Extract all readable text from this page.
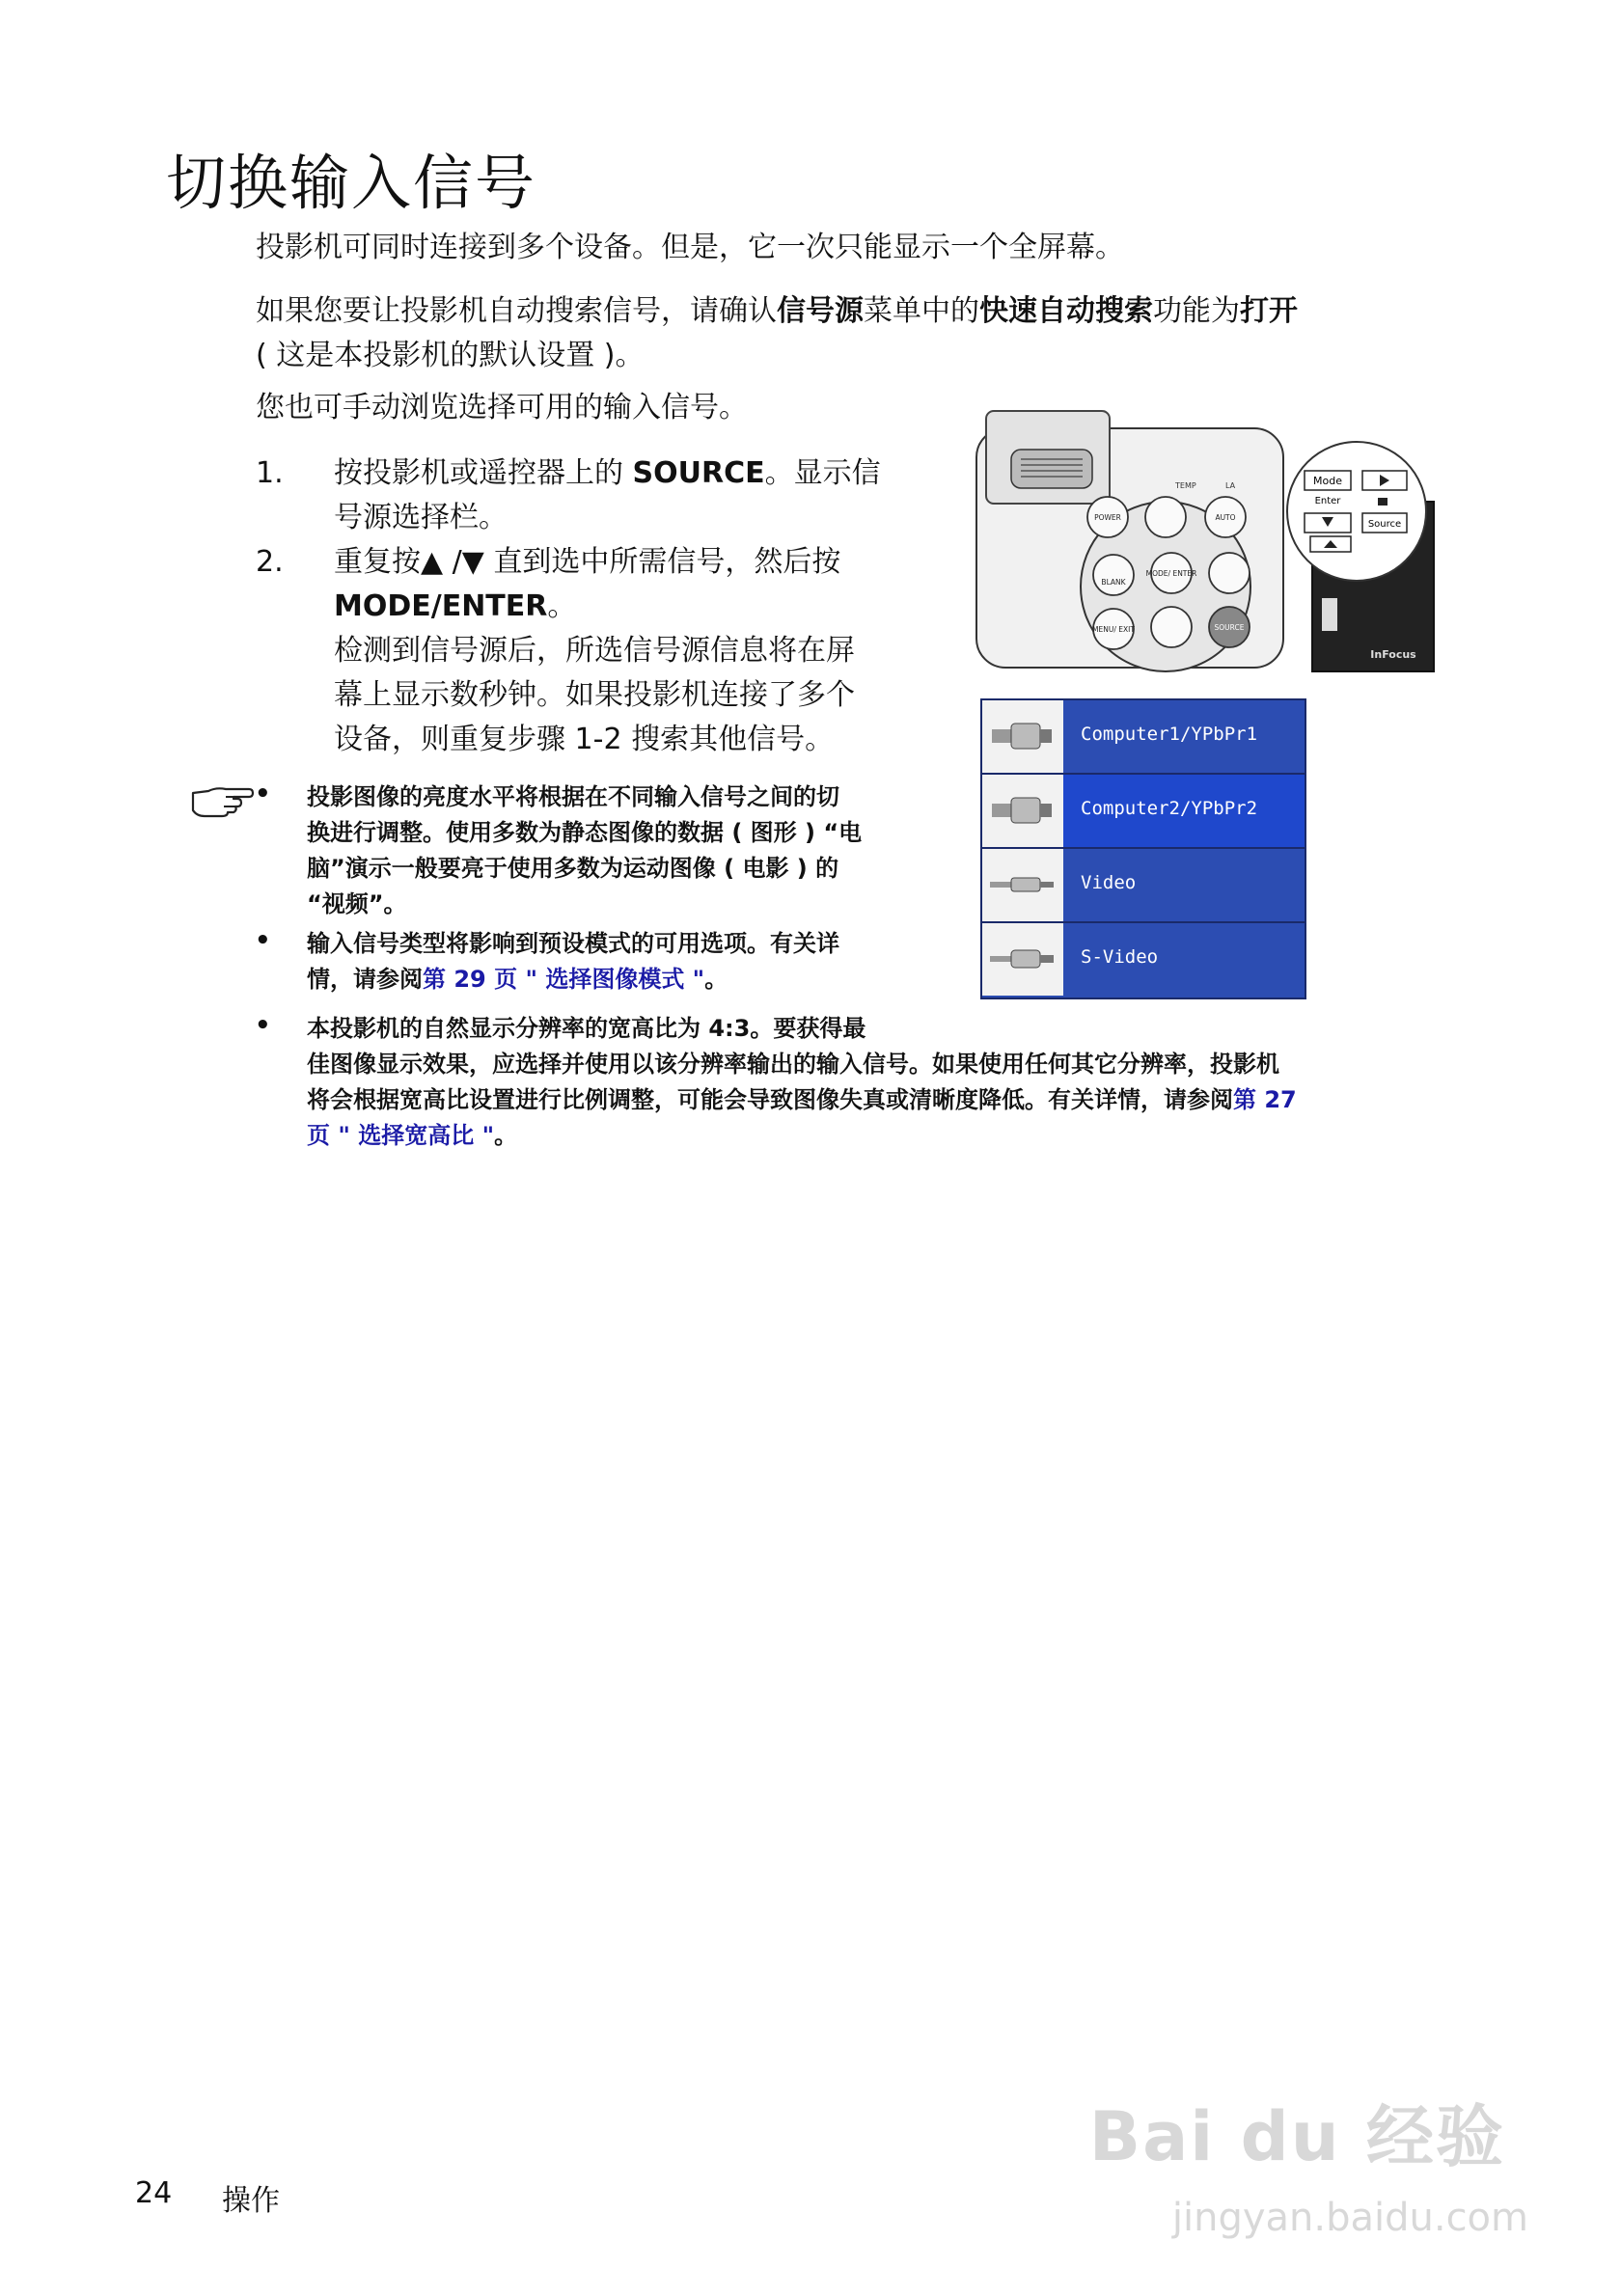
切换输入信号
投影机可同时连接到多个设备。但是，它一次只能显示一个全屏幕。
如果您要让投影机自动搜索信号，请确认信号源菜单中的快速自动搜索功能为打开
( 这是本投影机的默认设置 )。
您也可手动浏览选择可用的输入信号。
1. 按投影机或遥控器上的 SOURCE。显示信
号源选择栏。
2. 重复按▲ /▼ 直到选中所需信号，然后按
MODE/ENTER。
检测到信号源后，所选信号源信息将在屏
幕上显示数秒钟。如果投影机连接了多个
设备，则重复步骤 1-2 搜索其他信号。
• 投影图像的亮度水平将根据在不同输入信号之间的切
换进行调整。使用多数为静态图像的数据 ( 图形 ) “电
脑”演示一般要亮于使用多数为运动图像 ( 电影 ) 的
“视频”。
• 输入信号类型将影响到预设模式的可用选项。有关详
情，请参阅第 29 页 " 选择图像模式 "。
• 本投影机的自然显示分辨率的宽高比为 4:3。要获得最
佳图像显示效果，应选择并使用以该分辨率输出的输入信号。如果使用任何其它分辨率，投影机
将会根据宽高比设置进行比例调整，可能会导致图像失真或清晰度降低。有关详情，请参阅第 27
页 " 选择宽高比 "。
TEMP	LA
POWER	AUTO
BLANK
MODE/ ENTER
MENU/ EXIT	SOURCE
InFocus
Mode
Enter
Source
Computer1/YPbPr1
Computer2/YPbPr2
Video
S-Video
24 操作
Bai du 经验
jingyan.baidu.com
